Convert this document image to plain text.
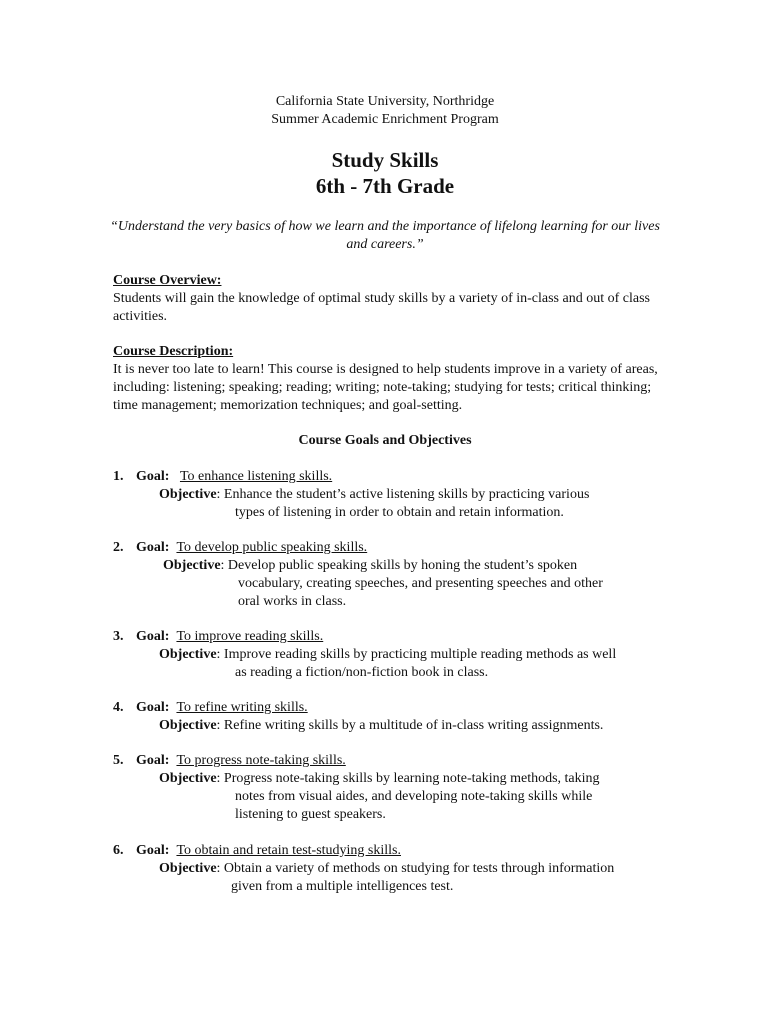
California State University, Northridge
Summer Academic Enrichment Program
Study Skills
6th - 7th Grade
“Understand the very basics of how we learn and the importance of lifelong learning for our lives and careers.”
Course Overview:
Students will gain the knowledge of optimal study skills by a variety of in-class and out of class activities.
Course Description:
It is never too late to learn! This course is designed to help students improve in a variety of areas, including: listening; speaking; reading; writing; note-taking; studying for tests; critical thinking; time management; memorization techniques; and goal-setting.
Course Goals and Objectives
1. Goal: To enhance listening skills.
Objective: Enhance the student’s active listening skills by practicing various
types of listening in order to obtain and retain information.
2. Goal: To develop public speaking skills.
Objective: Develop public speaking skills by honing the student’s spoken
vocabulary, creating speeches, and presenting speeches and other
oral works in class.
3. Goal: To improve reading skills.
Objective: Improve reading skills by practicing multiple reading methods as well
as reading a fiction/non-fiction book in class.
4. Goal: To refine writing skills.
Objective: Refine writing skills by a multitude of in-class writing assignments.
5. Goal: To progress note-taking skills.
Objective: Progress note-taking skills by learning note-taking methods, taking
notes from visual aides, and developing note-taking skills while
listening to guest speakers.
6. Goal: To obtain and retain test-studying skills.
Objective: Obtain a variety of methods on studying for tests through information
given from a multiple intelligences test.
